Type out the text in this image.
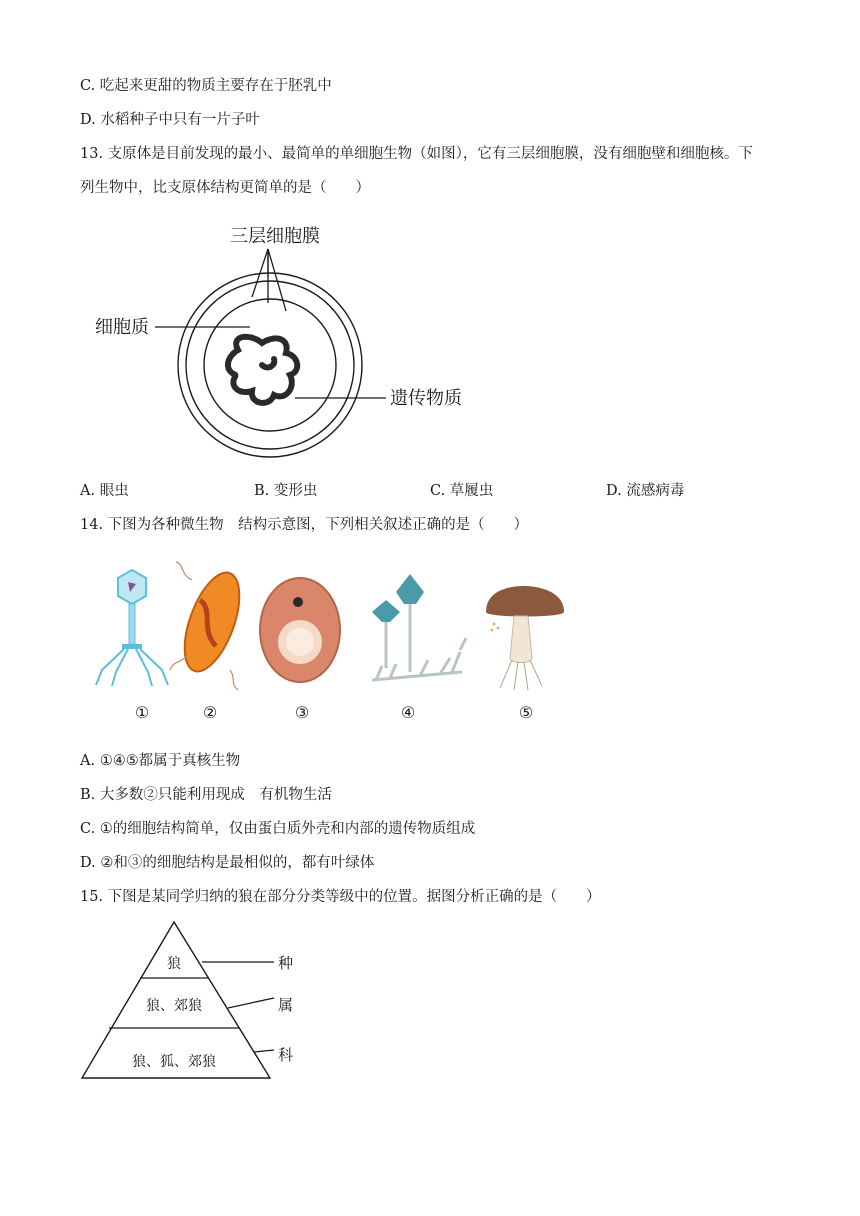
C. 吃起来更甜的物质主要存在于胚乳中
D. 水稻种子中只有一片子叶
13. 支原体是目前发现的最小、最简单的单细胞生物（如图），它有三层细胞膜，没有细胞壁和细胞核。下
列生物中，比支原体结构更简单的是（　　）
三层细胞膜
细胞质
遗传物质
A. 眼虫	B. 变形虫	C. 草履虫	D. 流感病毒
14. 下图为各种微生物　结构示意图，下列相关叙述正确的是（　　）
①	②	③	④	⑤
A. ①④⑤都属于真核生物
B. 大多数②只能利用现成　有机物生活
C. ①的细胞结构简单，仅由蛋白质外壳和内部的遗传物质组成
D. ②和③的细胞结构是最相似的，都有叶绿体
15. 下图是某同学归纳的狼在部分分类等级中的位置。据图分析正确的是（　　）
狼
狼、郊狼
狼、狐、郊狼
种
属
科
